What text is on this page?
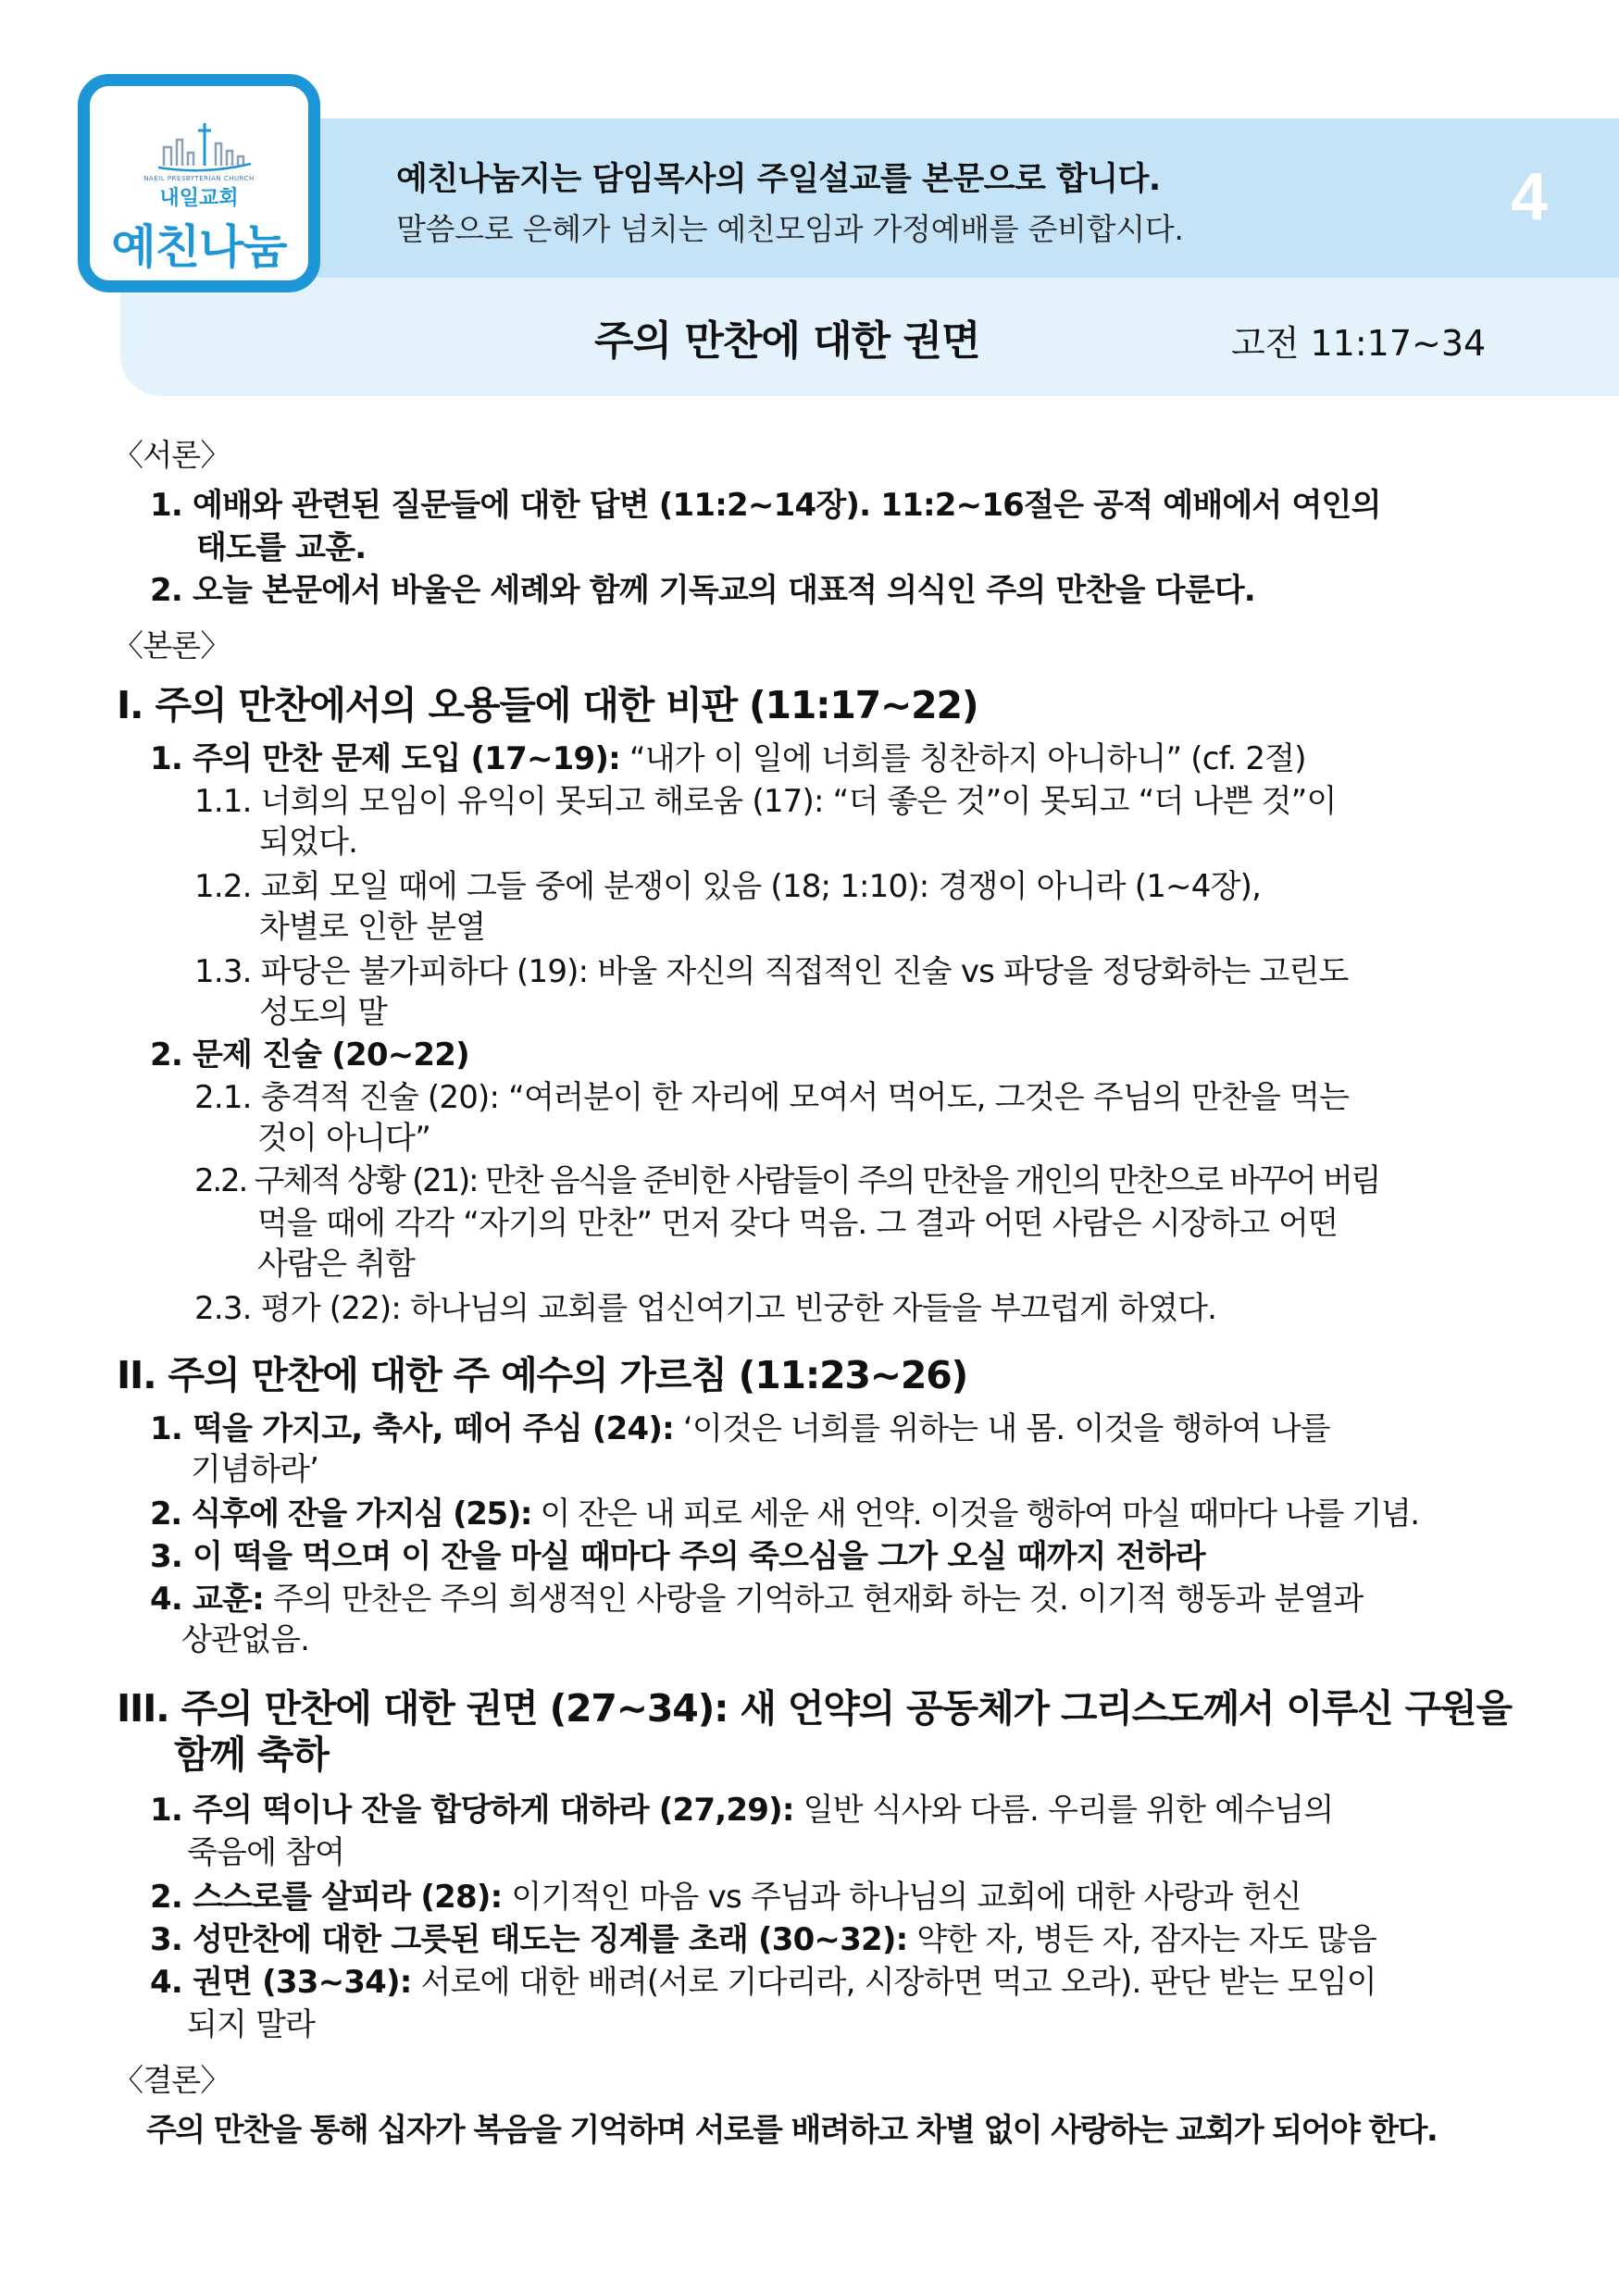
NAEIL PRESBYTERIAN CHURCH
내일교회
예친나눔
예친나눔지는 담임목사의 주일설교를 본문으로 합니다.
말씀으로 은혜가 넘치는 예친모임과 가정예배를 준비합시다.	4
주의 만찬에 대한 권면	고전 11:17~34
〈서론〉
1. 예배와 관련된 질문들에 대한 답변 (11:2~14장). 11:2~16절은 공적 예배에서 여인의
태도를 교훈.
2. 오늘 본문에서 바울은 세례와 함께 기독교의 대표적 의식인 주의 만찬을 다룬다.
〈본론〉
I. 주의 만찬에서의 오용들에 대한 비판 (11:17~22)
1. 주의 만찬 문제 도입 (17~19): “내가 이 일에 너희를 칭찬하지 아니하니” (cf. 2절)
1.1. 너희의 모임이 유익이 못되고 해로움 (17): “더 좋은 것”이 못되고 “더 나쁜 것”이
되었다.
1.2. 교회 모일 때에 그들 중에 분쟁이 있음 (18; 1:10): 경쟁이 아니라 (1~4장),
차별로 인한 분열
1.3. 파당은 불가피하다 (19): 바울 자신의 직접적인 진술 vs 파당을 정당화하는 고린도
성도의 말
2. 문제 진술 (20~22)
2.1. 충격적 진술 (20): “여러분이 한 자리에 모여서 먹어도, 그것은 주님의 만찬을 먹는
것이 아니다”
2.2. 구체적 상황 (21): 만찬 음식을 준비한 사람들이 주의 만찬을 개인의 만찬으로 바꾸어 버림
먹을 때에 각각 “자기의 만찬” 먼저 갖다 먹음. 그 결과 어떤 사람은 시장하고 어떤
사람은 취함
2.3. 평가 (22): 하나님의 교회를 업신여기고 빈궁한 자들을 부끄럽게 하였다.
II. 주의 만찬에 대한 주 예수의 가르침 (11:23~26)
1. 떡을 가지고, 축사, 떼어 주심 (24): ‘이것은 너희를 위하는 내 몸. 이것을 행하여 나를
기념하라’
2. 식후에 잔을 가지심 (25): 이 잔은 내 피로 세운 새 언약. 이것을 행하여 마실 때마다 나를 기념.
3. 이 떡을 먹으며 이 잔을 마실 때마다 주의 죽으심을 그가 오실 때까지 전하라
4. 교훈: 주의 만찬은 주의 희생적인 사랑을 기억하고 현재화 하는 것. 이기적 행동과 분열과
상관없음.
III. 주의 만찬에 대한 권면 (27~34): 새 언약의 공동체가 그리스도께서 이루신 구원을
함께 축하
1. 주의 떡이나 잔을 합당하게 대하라 (27,29): 일반 식사와 다름. 우리를 위한 예수님의
죽음에 참여
2. 스스로를 살피라 (28): 이기적인 마음 vs 주님과 하나님의 교회에 대한 사랑과 헌신
3. 성만찬에 대한 그릇된 태도는 징계를 초래 (30~32): 약한 자, 병든 자, 잠자는 자도 많음
4. 권면 (33~34): 서로에 대한 배려(서로 기다리라, 시장하면 먹고 오라). 판단 받는 모임이
되지 말라
〈결론〉
주의 만찬을 통해 십자가 복음을 기억하며 서로를 배려하고 차별 없이 사랑하는 교회가 되어야 한다.
